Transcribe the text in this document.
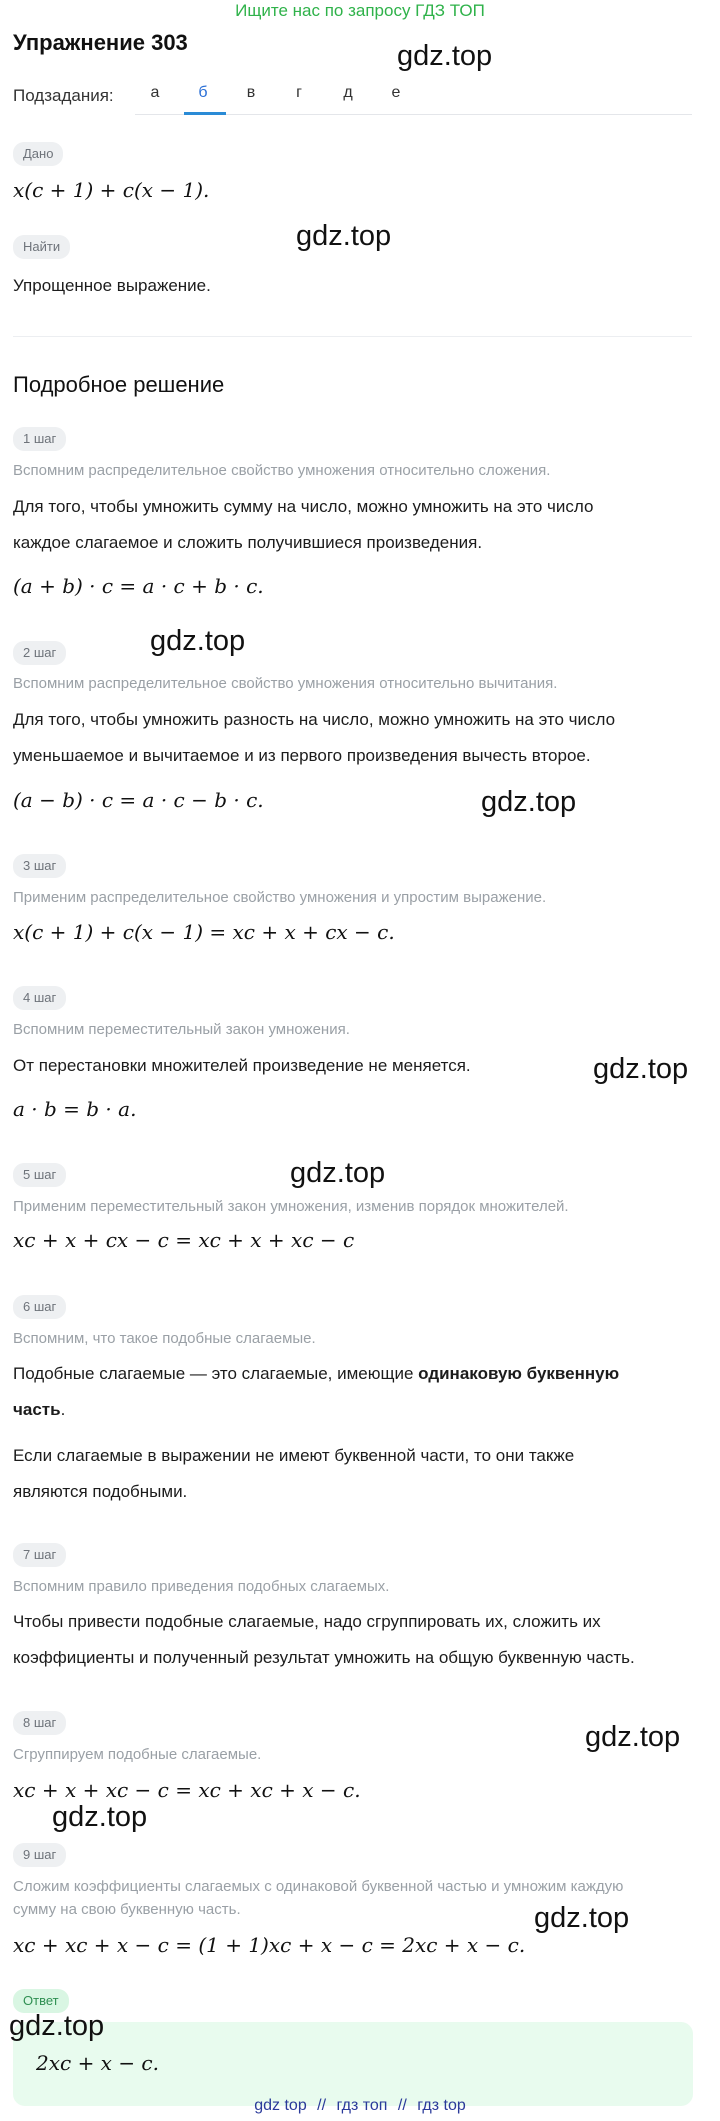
Ищите нас по запросу ГДЗ ТОП
Упражнение 303	gdz.top
Подзадания:	а	б	в	г	д	е
Дано
x(c + 1) + c(x − 1).
Найти	gdz.top
Упрощенное выражение.
Подробное решение
1 шаг
Вспомним распределительное свойство умножения относительно сложения.
Для того, чтобы умножить сумму на число, можно умножить на это число
каждое слагаемое и сложить получившиеся произведения.
(a + b) · c = a · c + b · c.
2 шаг	gdz.top
Вспомним распределительное свойство умножения относительно вычитания.
Для того, чтобы умножить разность на число, можно умножить на это число
уменьшаемое и вычитаемое и из первого произведения вычесть второе.
(a − b) · c = a · c − b · c.	gdz.top
3 шаг
Применим распределительное свойство умножения и упростим выражение.
x(c + 1) + c(x − 1) = xc + x + cx − c.
4 шаг
Вспомним переместительный закон умножения.
От перестановки множителей произведение не меняется.	gdz.top
a · b = b · a.
5 шаг	gdz.top
Применим переместительный закон умножения, изменив порядок множителей.
xc + x + cx − c = xc + x + xc − c
6 шаг
Вспомним, что такое подобные слагаемые.
Подобные слагаемые — это слагаемые, имеющие одинаковую буквенную
часть.
Если слагаемые в выражении не имеют буквенной части, то они также
являются подобными.
7 шаг
Вспомним правило приведения подобных слагаемых.
Чтобы привести подобные слагаемые, надо сгруппировать их, сложить их
коэффициенты и полученный результат умножить на общую буквенную часть.
8 шаг	gdz.top
Сгруппируем подобные слагаемые.
xc + x + xc − c = xc + xc + x − c.
gdz.top
9 шаг
Сложим коэффициенты слагаемых с одинаковой буквенной частью и умножим каждую
сумму на свою буквенную часть.	gdz.top
xc + xc + x − c = (1 + 1)xc + x − c = 2xc + x − c.
Ответ
2xc + x − c.
gdz.top
gdz top // гдз топ // гдз top
